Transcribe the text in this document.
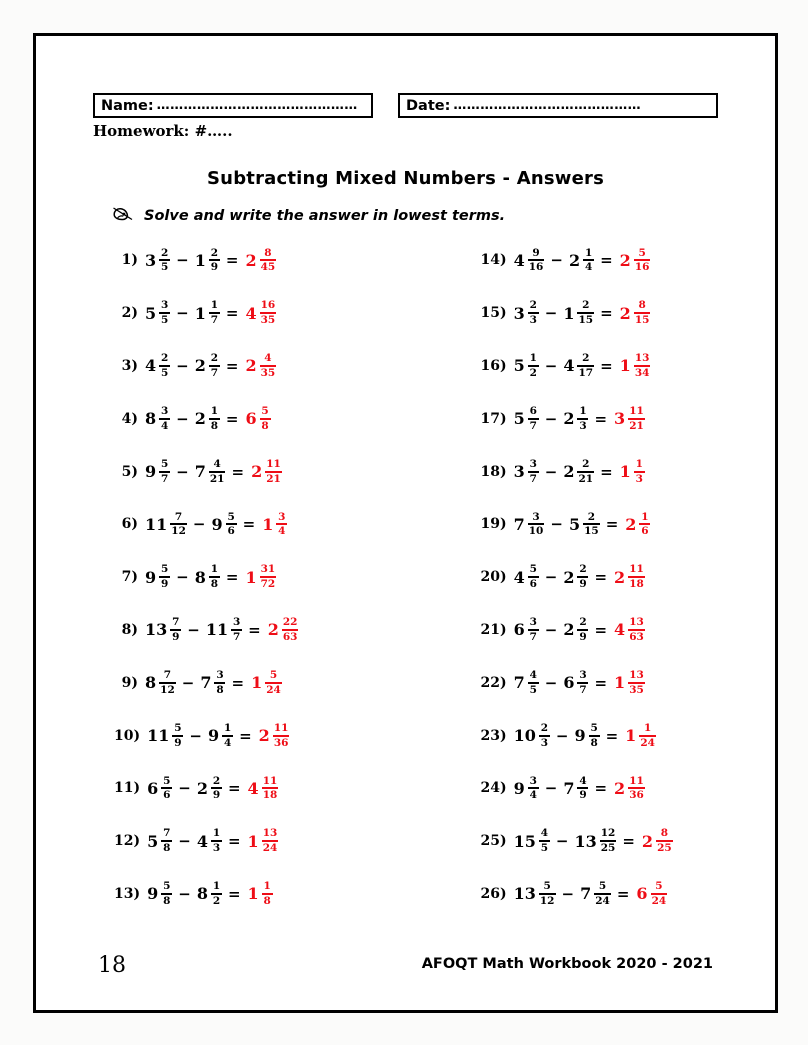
Name: ………………………………………	Date: ……………………………………
Homework: #…..
Subtracting Mixed Numbers - Answers
Solve and write the answer in lowest terms.
1) $3 \frac{2}{5} - 1 \frac{2}{9} = 2 \frac{8}{45}$
2) $5 \frac{3}{5} - 1 \frac{1}{7} = 4 \frac{16}{35}$
3) $4 \frac{2}{5} - 2 \frac{2}{7} = 2 \frac{4}{35}$
4) $8 \frac{3}{4} - 2 \frac{1}{8} = 6 \frac{5}{8}$
5) $9 \frac{5}{7} - 7 \frac{4}{21} = 2 \frac{11}{21}$
6) $11 \frac{7}{12} - 9 \frac{5}{6} = 1 \frac{3}{4}$
7) $9 \frac{5}{9} - 8 \frac{1}{8} = 1 \frac{31}{72}$
8) $13 \frac{7}{9} - 11 \frac{3}{7} = 2 \frac{22}{63}$
9) $8 \frac{7}{12} - 7 \frac{3}{8} = 1 \frac{5}{24}$
10) $11 \frac{5}{9} - 9 \frac{1}{4} = 2 \frac{11}{36}$
11) $6 \frac{5}{6} - 2 \frac{2}{9} = 4 \frac{11}{18}$
12) $5 \frac{7}{8} - 4 \frac{1}{3} = 1 \frac{13}{24}$
13) $9 \frac{5}{8} - 8 \frac{1}{2} = 1 \frac{1}{8}$
14) $4 \frac{9}{16} - 2 \frac{1}{4} = 2 \frac{5}{16}$
15) $3 \frac{2}{3} - 1 \frac{2}{15} = 2 \frac{8}{15}$
16) $5 \frac{1}{2} - 4 \frac{2}{17} = 1 \frac{13}{34}$
17) $5 \frac{6}{7} - 2 \frac{1}{3} = 3 \frac{11}{21}$
18) $3 \frac{3}{7} - 2 \frac{2}{21} = 1 \frac{1}{3}$
19) $7 \frac{3}{10} - 5 \frac{2}{15} = 2 \frac{1}{6}$
20) $4 \frac{5}{6} - 2 \frac{2}{9} = 2 \frac{11}{18}$
21) $6 \frac{3}{7} - 2 \frac{2}{9} = 4 \frac{13}{63}$
22) $7 \frac{4}{5} - 6 \frac{3}{7} = 1 \frac{13}{35}$
23) $10 \frac{2}{3} - 9 \frac{5}{8} = 1 \frac{1}{24}$
24) $9 \frac{3}{4} - 7 \frac{4}{9} = 2 \frac{11}{36}$
25) $15 \frac{4}{5} - 13 \frac{12}{25} = 2 \frac{8}{25}$
26) $13 \frac{5}{12} - 7 \frac{5}{24} = 6 \frac{5}{24}$
18	AFOQT Math Workbook 2020 - 2021
